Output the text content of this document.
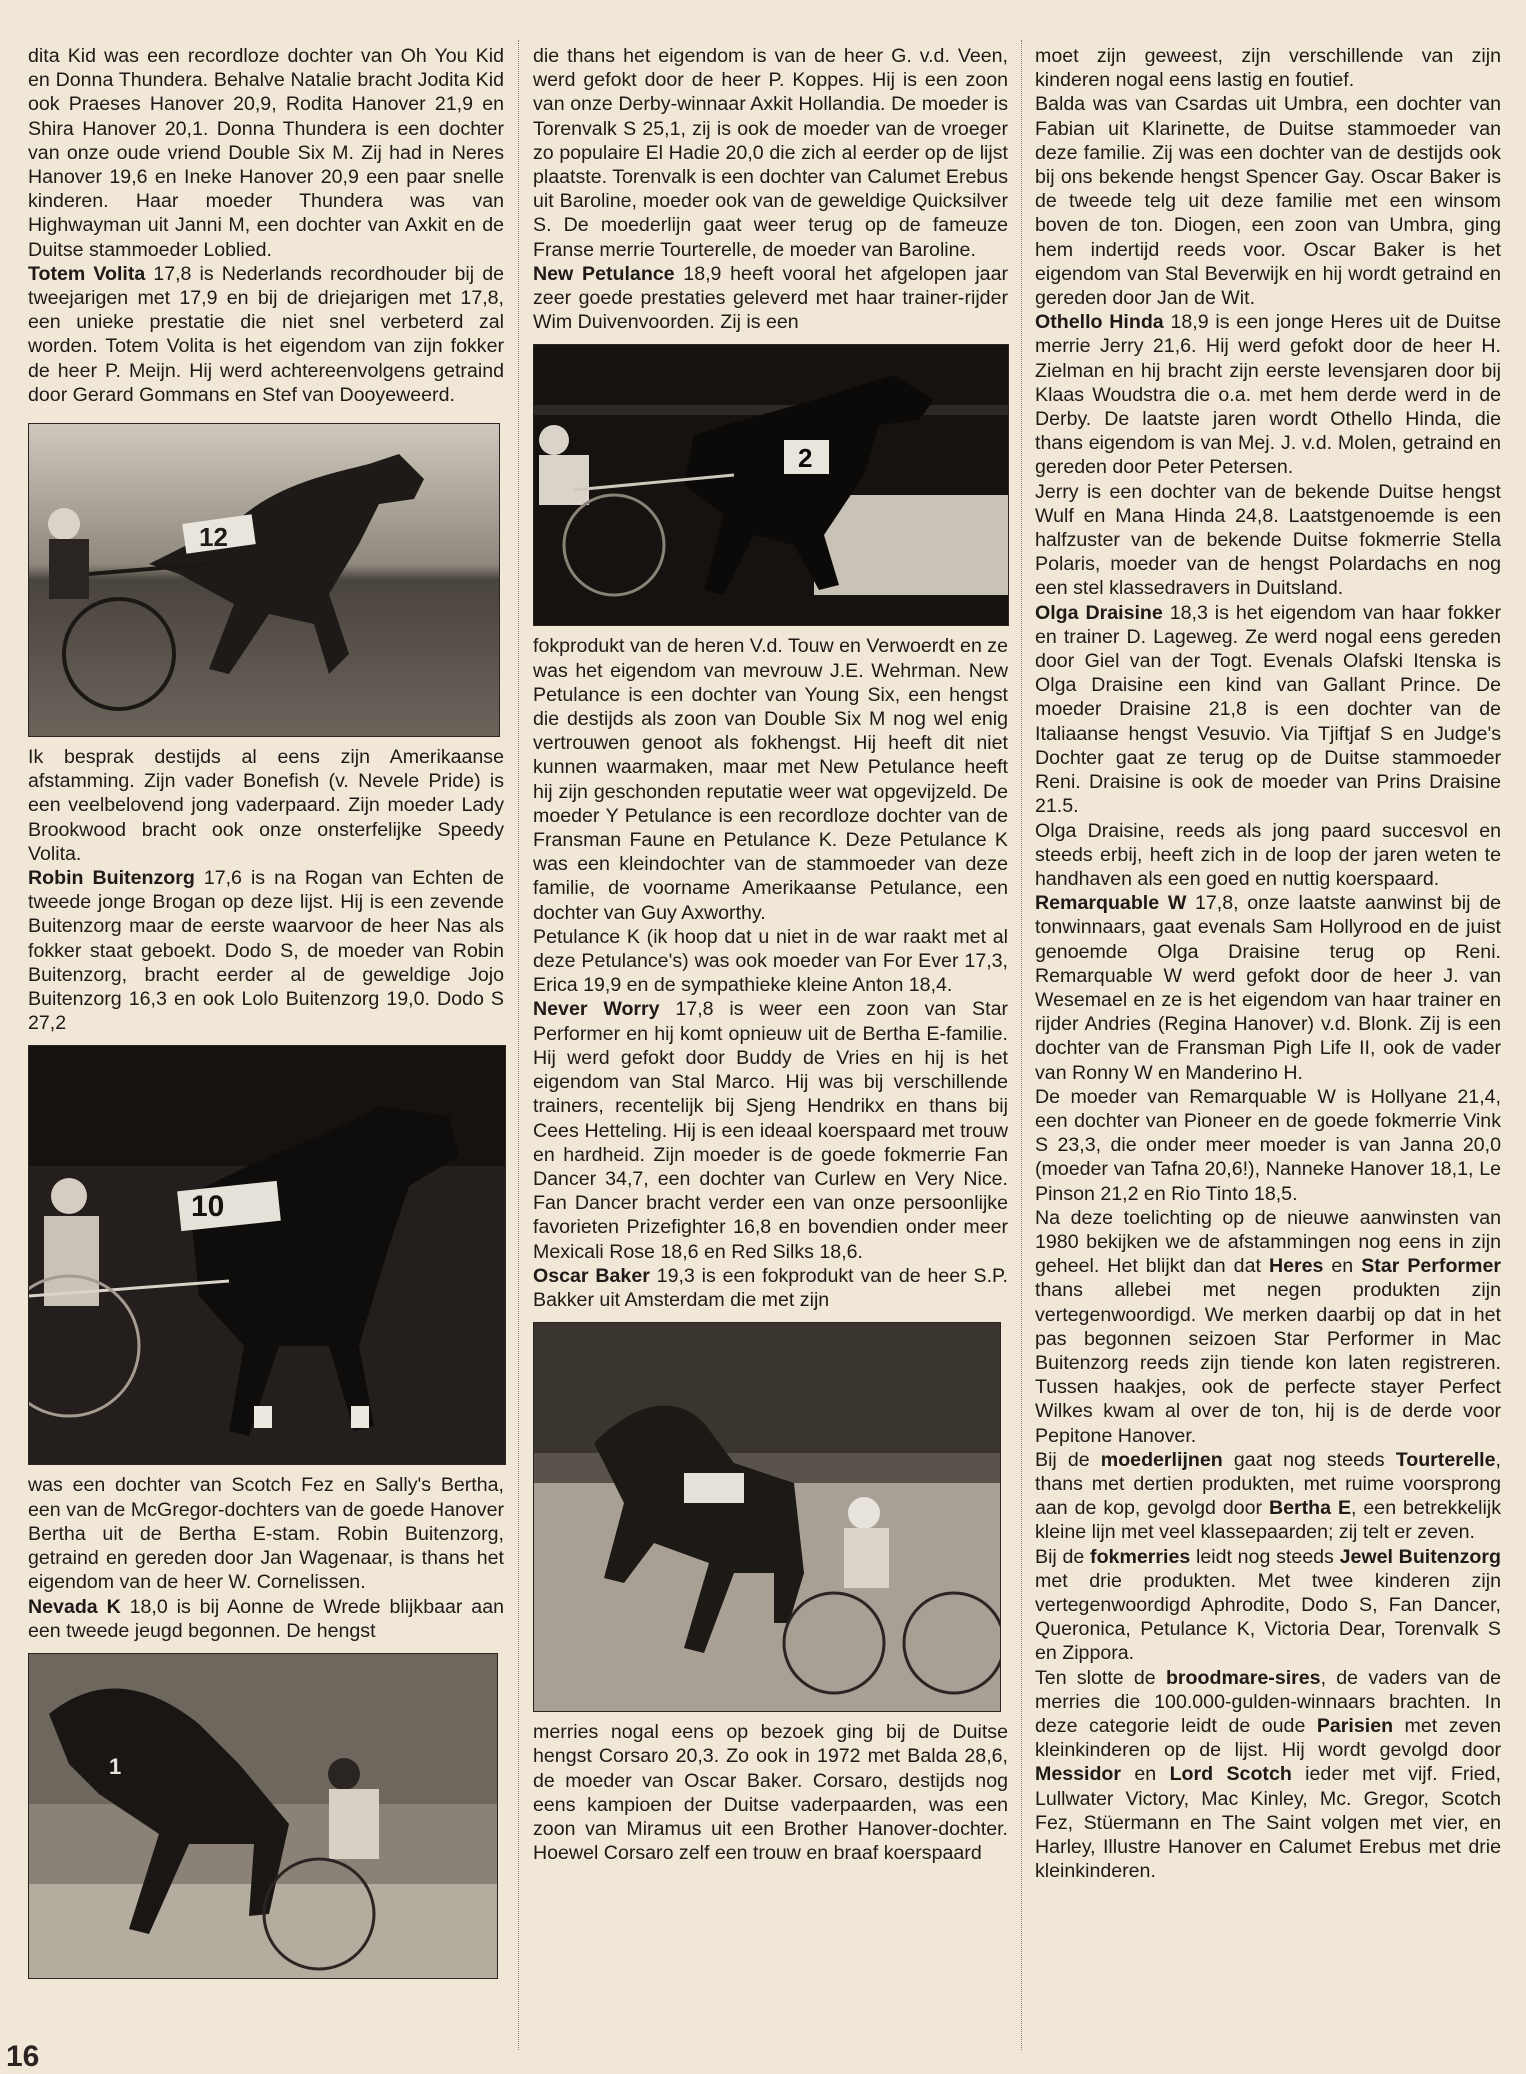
dita Kid was een recordloze dochter van Oh You Kid en Donna Thundera. Behalve Natalie bracht Jodita Kid ook Praeses Hanover 20,9, Rodita Hanover 21,9 en Shira Hanover 20,1. Donna Thundera is een dochter van onze oude vriend Double Six M. Zij had in Neres Hanover 19,6 en Ineke Hanover 20,9 een paar snelle kinderen. Haar moeder Thundera was van Highwayman uit Janni M, een dochter van Axkit en de Duitse stammoeder Loblied.

Totem Volita 17,8 is Nederlands recordhouder bij de tweejarigen met 17,9 en bij de driejarigen met 17,8, een unieke prestatie die niet snel verbeterd zal worden. Totem Volita is het eigendom van zijn fokker de heer P. Meijn. Hij werd achtereenvolgens getraind door Gerard Gommans en Stef van Dooyeweerd.

12

Ik besprak destijds al eens zijn Amerikaanse afstamming. Zijn vader Bonefish (v. Nevele Pride) is een veelbelovend jong vaderpaard. Zijn moeder Lady Brookwood bracht ook onze onsterfelijke Speedy Volita.

Robin Buitenzorg 17,6 is na Rogan van Echten de tweede jonge Brogan op deze lijst. Hij is een zevende Buitenzorg maar de eerste waarvoor de heer Nas als fokker staat geboekt. Dodo S, de moeder van Robin Buitenzorg, bracht eerder al de geweldige Jojo Buitenzorg 16,3 en ook Lolo Buitenzorg 19,0. Dodo S 27,2

10

was een dochter van Scotch Fez en Sally's Bertha, een van de McGregor-dochters van de goede Hanover Bertha uit de Bertha E-stam. Robin Buitenzorg, getraind en gereden door Jan Wagenaar, is thans het eigendom van de heer W. Cornelissen.

Nevada K 18,0 is bij Aonne de Wrede blijkbaar aan een tweede jeugd begonnen. De hengst

1

die thans het eigendom is van de heer G. v.d. Veen, werd gefokt door de heer P. Koppes. Hij is een zoon van onze Derby-winnaar Axkit Hollandia. De moeder is Torenvalk S 25,1, zij is ook de moeder van de vroeger zo populaire El Hadie 20,0 die zich al eerder op de lijst plaatste. Torenvalk is een dochter van Calumet Erebus uit Baroline, moeder ook van de geweldige Quicksilver S. De moederlijn gaat weer terug op de fameuze Franse merrie Tourterelle, de moeder van Baroline.

New Petulance 18,9 heeft vooral het afgelopen jaar zeer goede prestaties geleverd met haar trainer-rijder Wim Duivenvoorden. Zij is een

2

fokprodukt van de heren V.d. Touw en Verwoerdt en ze was het eigendom van mevrouw J.E. Wehrman. New Petulance is een dochter van Young Six, een hengst die destijds als zoon van Double Six M nog wel enig vertrouwen genoot als fokhengst. Hij heeft dit niet kunnen waarmaken, maar met New Petulance heeft hij zijn geschonden reputatie weer wat opgevijzeld. De moeder Y Petulance is een recordloze dochter van de Fransman Faune en Petulance K. Deze Petulance K was een kleindochter van de stammoeder van deze familie, de voorname Amerikaanse Petulance, een dochter van Guy Axworthy.

Petulance K (ik hoop dat u niet in de war raakt met al deze Petulance's) was ook moeder van For Ever 17,3, Erica 19,9 en de sympathieke kleine Anton 18,4.

Never Worry 17,8 is weer een zoon van Star Performer en hij komt opnieuw uit de Bertha E-familie. Hij werd gefokt door Buddy de Vries en hij is het eigendom van Stal Marco. Hij was bij verschillende trainers, recentelijk bij Sjeng Hendrikx en thans bij Cees Hetteling. Hij is een ideaal koerspaard met trouw en hardheid. Zijn moeder is de goede fokmerrie Fan Dancer 34,7, een dochter van Curlew en Very Nice. Fan Dancer bracht verder een van onze persoonlijke favorieten Prizefighter 16,8 en bovendien onder meer Mexicali Rose 18,6 en Red Silks 18,6.

Oscar Baker 19,3 is een fokprodukt van de heer S.P. Bakker uit Amsterdam die met zijn

merries nogal eens op bezoek ging bij de Duitse hengst Corsaro 20,3. Zo ook in 1972 met Balda 28,6, de moeder van Oscar Baker. Corsaro, destijds nog eens kampioen der Duitse vaderpaarden, was een zoon van Miramus uit een Brother Hanover-dochter. Hoewel Corsaro zelf een trouw en braaf koerspaard

moet zijn geweest, zijn verschillende van zijn kinderen nogal eens lastig en foutief.

Balda was van Csardas uit Umbra, een dochter van Fabian uit Klarinette, de Duitse stammoeder van deze familie. Zij was een dochter van de destijds ook bij ons bekende hengst Spencer Gay. Oscar Baker is de tweede telg uit deze familie met een winsom boven de ton. Diogen, een zoon van Umbra, ging hem indertijd reeds voor. Oscar Baker is het eigendom van Stal Beverwijk en hij wordt getraind en gereden door Jan de Wit.

Othello Hinda 18,9 is een jonge Heres uit de Duitse merrie Jerry 21,6. Hij werd gefokt door de heer H. Zielman en hij bracht zijn eerste levensjaren door bij Klaas Woudstra die o.a. met hem derde werd in de Derby. De laatste jaren wordt Othello Hinda, die thans eigendom is van Mej. J. v.d. Molen, getraind en gereden door Peter Petersen.

Jerry is een dochter van de bekende Duitse hengst Wulf en Mana Hinda 24,8. Laatstgenoemde is een halfzuster van de bekende Duitse fokmerrie Stella Polaris, moeder van de hengst Polardachs en nog een stel klassedravers in Duitsland.

Olga Draisine 18,3 is het eigendom van haar fokker en trainer D. Lageweg. Ze werd nogal eens gereden door Giel van der Togt. Evenals Olafski Itenska is Olga Draisine een kind van Gallant Prince. De moeder Draisine 21,8 is een dochter van de Italiaanse hengst Vesuvio. Via Tjiftjaf S en Judge's Dochter gaat ze terug op de Duitse stammoeder Reni. Draisine is ook de moeder van Prins Draisine 21.5.

Olga Draisine, reeds als jong paard succesvol en steeds erbij, heeft zich in de loop der jaren weten te handhaven als een goed en nuttig koerspaard.

Remarquable W 17,8, onze laatste aanwinst bij de tonwinnaars, gaat evenals Sam Hollyrood en de juist genoemde Olga Draisine terug op Reni. Remarquable W werd gefokt door de heer J. van Wesemael en ze is het eigendom van haar trainer en rijder Andries (Regina Hanover) v.d. Blonk. Zij is een dochter van de Fransman Pigh Life II, ook de vader van Ronny W en Manderino H.

De moeder van Remarquable W is Hollyane 21,4, een dochter van Pioneer en de goede fokmerrie Vink S 23,3, die onder meer moeder is van Janna 20,0 (moeder van Tafna 20,6!), Nanneke Hanover 18,1, Le Pinson 21,2 en Rio Tinto 18,5.

Na deze toelichting op de nieuwe aanwinsten van 1980 bekijken we de afstammingen nog eens in zijn geheel. Het blijkt dan dat Heres en Star Performer thans allebei met negen produkten zijn vertegenwoordigd. We merken daarbij op dat in het pas begonnen seizoen Star Performer in Mac Buitenzorg reeds zijn tiende kon laten registreren. Tussen haakjes, ook de perfecte stayer Perfect Wilkes kwam al over de ton, hij is de derde voor Pepitone Hanover.

Bij de moederlijnen gaat nog steeds Tourterelle, thans met dertien produkten, met ruime voorsprong aan de kop, gevolgd door Bertha E, een betrekkelijk kleine lijn met veel klassepaarden; zij telt er zeven.

Bij de fokmerries leidt nog steeds Jewel Buitenzorg met drie produkten. Met twee kinderen zijn vertegenwoordigd Aphrodite, Dodo S, Fan Dancer, Queronica, Petulance K, Victoria Dear, Torenvalk S en Zippora.

Ten slotte de broodmare-sires, de vaders van de merries die 100.000-gulden-winnaars brachten. In deze categorie leidt de oude Parisien met zeven kleinkinderen op de lijst. Hij wordt gevolgd door Messidor en Lord Scotch ieder met vijf. Fried, Lullwater Victory, Mac Kinley, Mc. Gregor, Scotch Fez, Stüermann en The Saint volgen met vier, en Harley, Illustre Hanover en Calumet Erebus met drie kleinkinderen.

16
